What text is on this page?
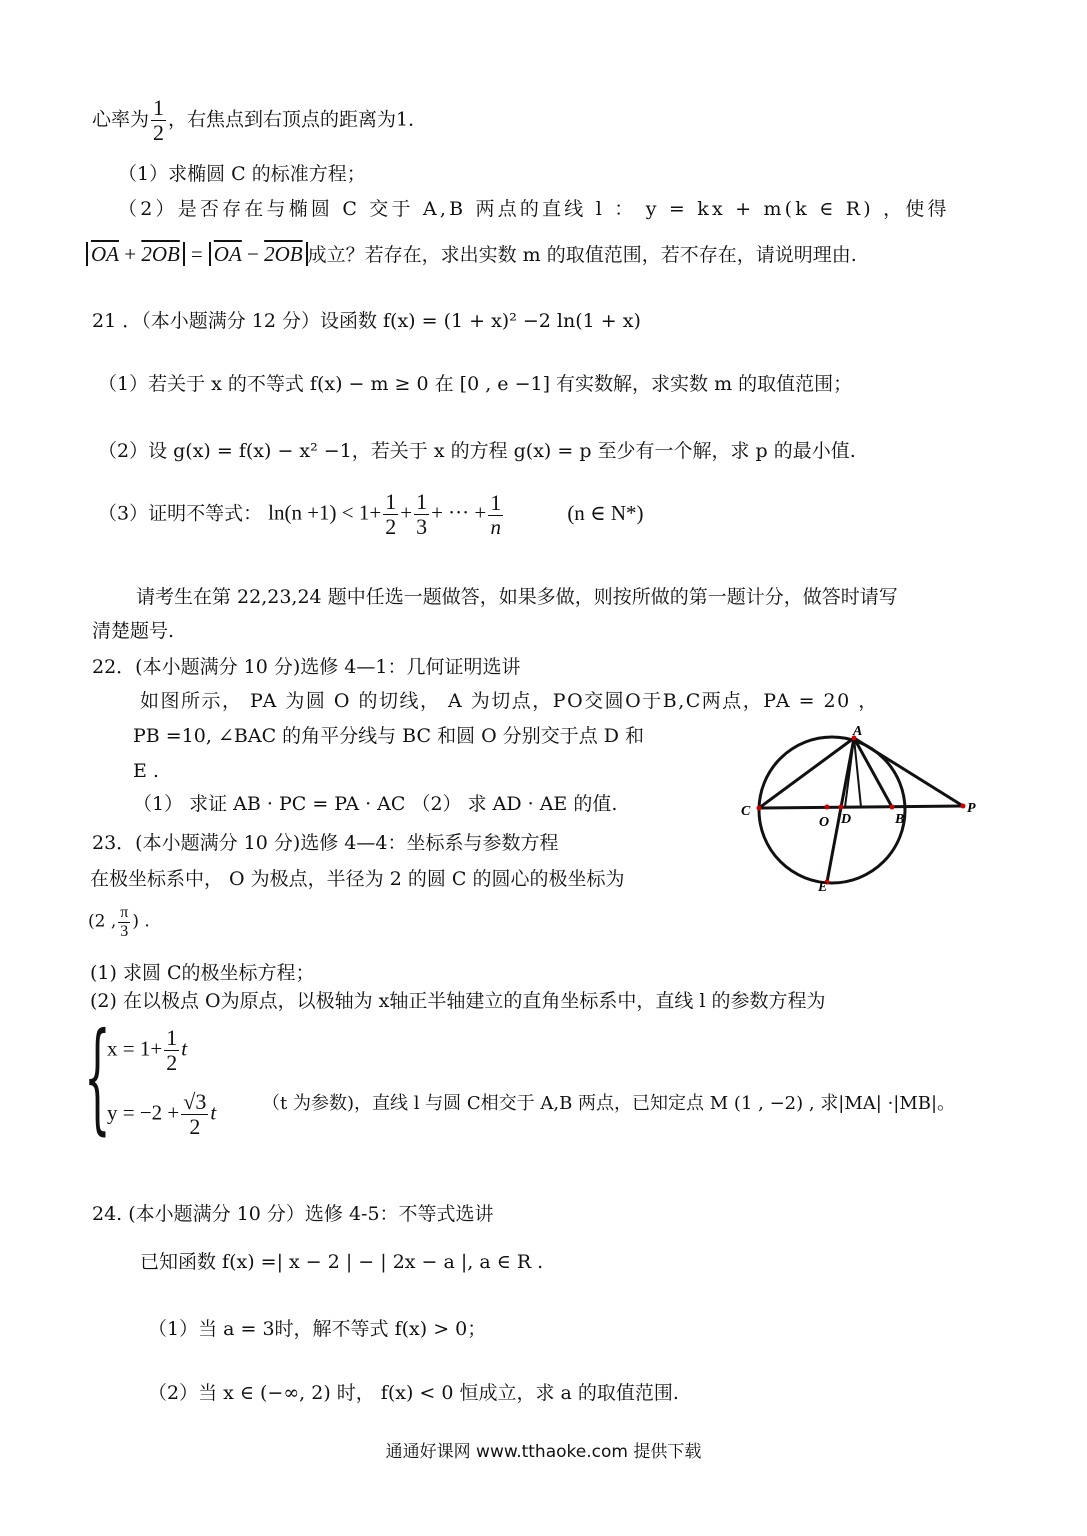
心率为 $\frac{1}{2}$ ，右焦点到右顶点的距离为1．
（1）求椭圆 C 的标准方程；
（2）是否存在与椭圆 C 交于 A,B 两点的直线 l ： y = kx + m(k ∈ R) ，使得
$\overline{OA} + 2OB = \overline{OA} - 2OB$ 成立？若存在，求出实数 m 的取值范围，若不存在，请说明理由.
21 ．（本小题满分 12 分）设函数 f(x) = (1 + x)² −2 ln(1 + x)
（1）若关于 x 的不等式 f(x) − m ≥ 0 在 [0 , e −1] 有实数解，求实数 m 的取值范围；
（2）设 g(x) = f(x) − x² −1，若关于 x 的方程 g(x) = p 至少有一个解，求 p 的最小值.
（3）证明不等式： $\ln(n +1) < 1+ \frac{1}{2} + \frac{1}{3}$ + ··· + $\frac{1}{n}$	(n ∈ N*)
请考生在第 22,23,24 题中任选一题做答，如果多做，则按所做的第一题计分，做答时请写
清楚题号.
22．(本小题满分 10 分)选修 4—1：几何证明选讲
如图所示， PA 为圆 O 的切线， A 为切点，PO交圆O于B,C两点，PA = 20 ，
PB =10, ∠BAC 的角平分线与 BC 和圆 O 分别交于点 D 和
E .
（1） 求证 AB · PC = PA · AC （2） 求 AD · AE 的值.
A
C
O D	B
P
E
23．(本小题满分 10 分)选修 4—4：坐标系与参数方程
在极坐标系中， O 为极点，半径为 2 的圆 C 的圆心的极坐标为
(2 , $\frac{\pi}{3}$ ) .
(1) 求圆 C的极坐标方程；
(2) 在以极点 O为原点，以极轴为 x轴正半轴建立的直角坐标系中，直线 l 的参数方程为
{
$x = 1+ \frac{1}{2}$ t
$y = -2 + \frac{√3}{2}$ t	（t 为参数)，直线 l 与圆 C相交于 A,B 两点，已知定点 M (1 , −2) , 求|MA| ·|MB|。
24. (本小题满分 10 分）选修 4-5：不等式选讲
已知函数 f(x) =| x − 2 | − | 2x − a |, a ∈ R .
（1）当 a = 3时，解不等式 f(x) > 0；
（2）当 x ∈ (−∞, 2) 时， f(x) < 0 恒成立，求 a 的取值范围.
通通好课网 www.tthaoke.com 提供下载
